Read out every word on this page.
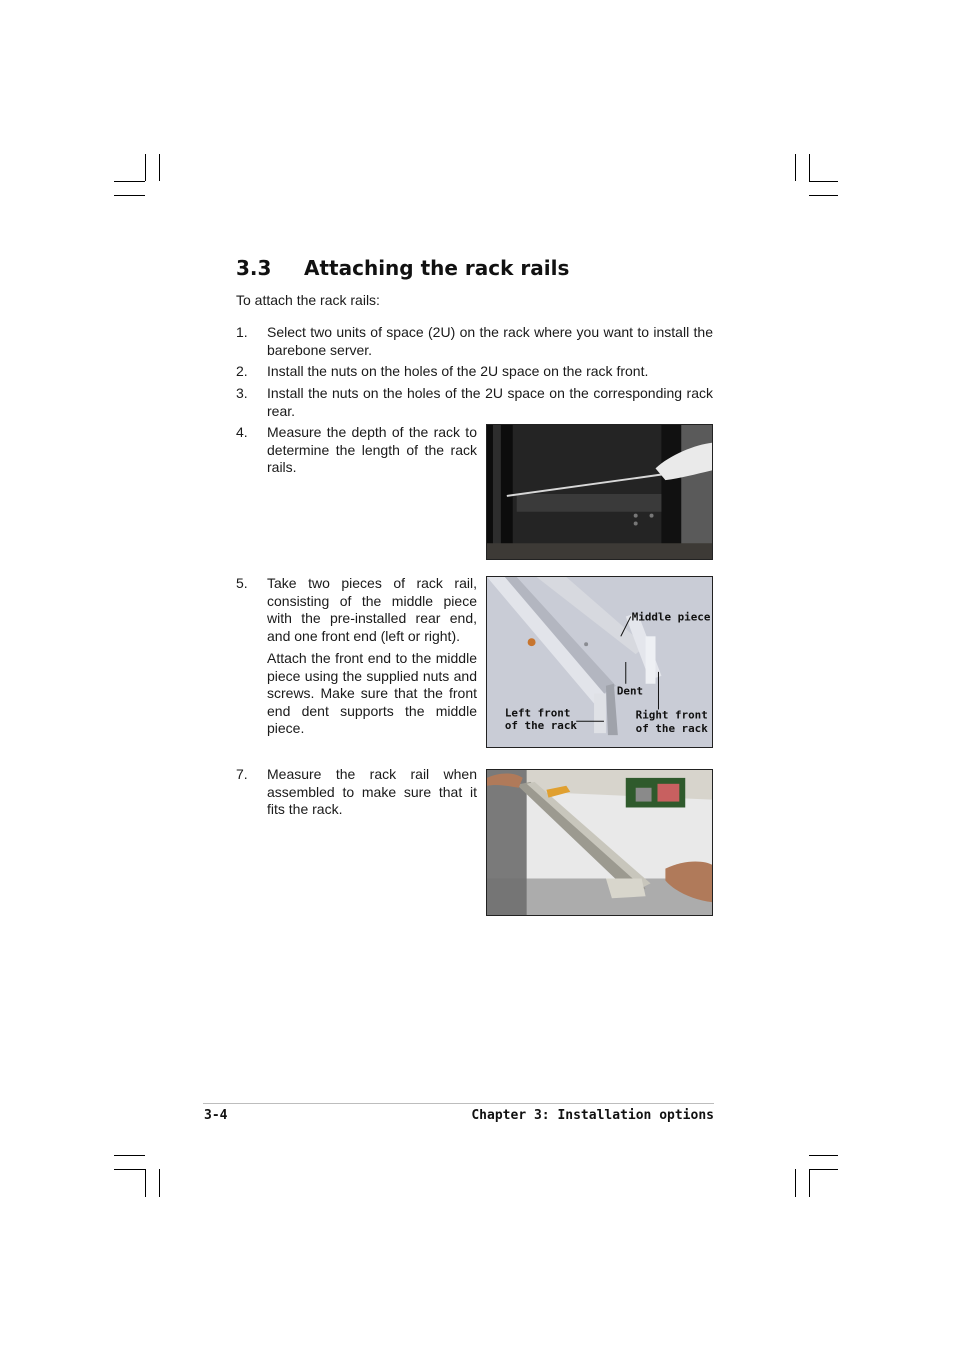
3.3 Attaching the rack rails

To attach the rack rails:

1.	Select two units of space (2U) on the rack where you want to install the barebone server.

2.	Install the nuts on the holes of the 2U space on the rack front.

3.	Install the nuts on the holes of the 2U space on the corresponding rack rear.

4.	Measure the depth of the rack to determine the length of the rack rails.

5.	Take two pieces of rack rail, consisting of the middle piece with the pre-installed rear end, and one front end (left or right).

Attach the front end to the middle piece using the supplied nuts and screws. Make sure that the front end dent supports the middle piece.

7.	Measure the rack rail when assembled to make sure that it fits the rack.

Middle piece
Dent
Left front
of the rack
Right front
of the rack
3-4	Chapter 3: Installation options
